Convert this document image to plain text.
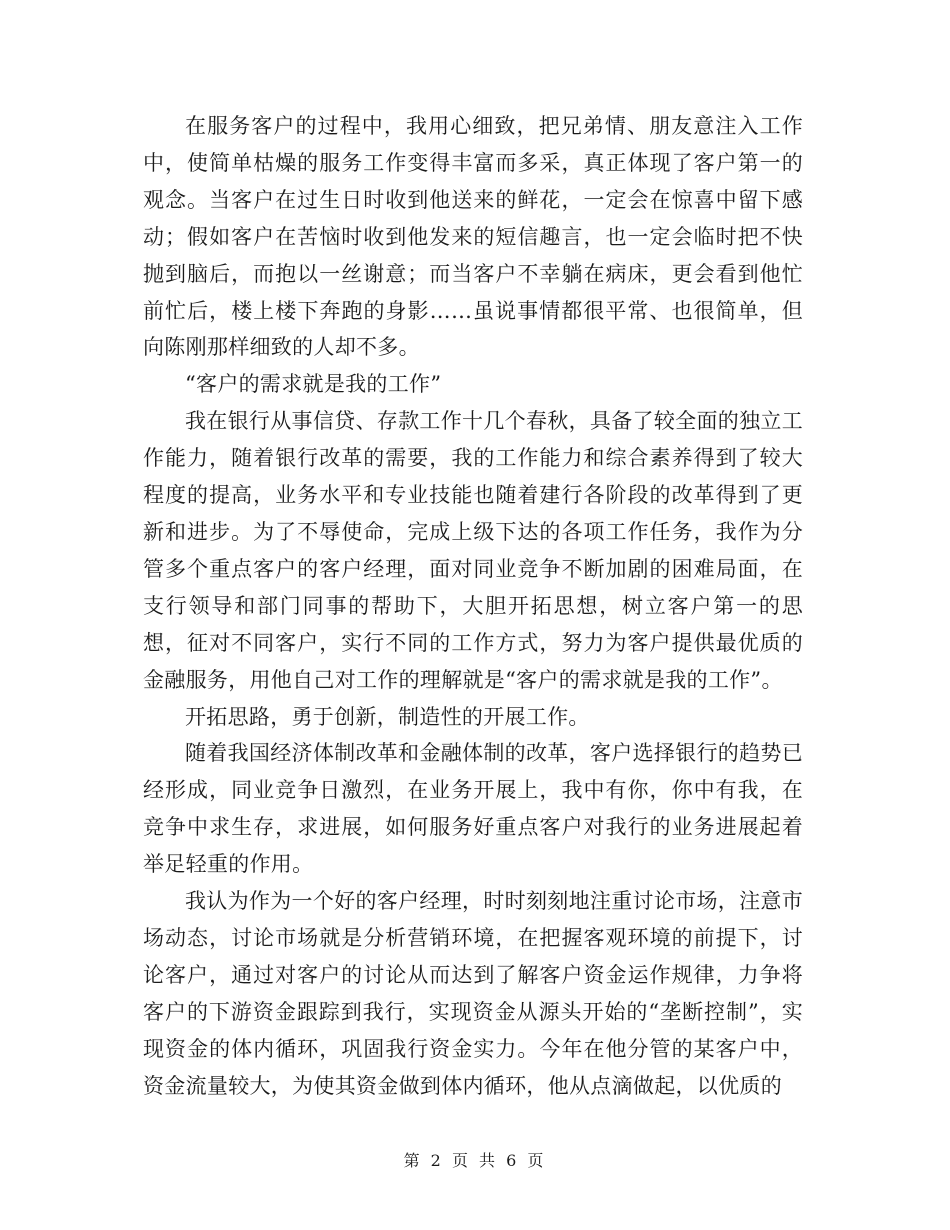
在服务客户的过程中，我用心细致，把兄弟情、朋友意注入工作中，使简单枯燥的服务工作变得丰富而多采，真正体现了客户第一的观念。当客户在过生日时收到他送来的鲜花，一定会在惊喜中留下感动；假如客户在苦恼时收到他发来的短信趣言，也一定会临时把不快抛到脑后，而抱以一丝谢意；而当客户不幸躺在病床，更会看到他忙前忙后，楼上楼下奔跑的身影……虽说事情都很平常、也很简单，但向陈刚那样细致的人却不多。

“客户的需求就是我的工作”

我在银行从事信贷、存款工作十几个春秋，具备了较全面的独立工作能力，随着银行改革的需要，我的工作能力和综合素养得到了较大程度的提高，业务水平和专业技能也随着建行各阶段的改革得到了更新和进步。为了不辱使命，完成上级下达的各项工作任务，我作为分管多个重点客户的客户经理，面对同业竞争不断加剧的困难局面，在支行领导和部门同事的帮助下，大胆开拓思想，树立客户第一的思想，征对不同客户，实行不同的工作方式，努力为客户提供最优质的金融服务，用他自己对工作的理解就是“客户的需求就是我的工作”。

开拓思路，勇于创新，制造性的开展工作。

随着我国经济体制改革和金融体制的改革，客户选择银行的趋势已经形成，同业竞争日激烈，在业务开展上，我中有你，你中有我，在竞争中求生存，求进展，如何服务好重点客户对我行的业务进展起着举足轻重的作用。

我认为作为一个好的客户经理，时时刻刻地注重讨论市场，注意市场动态，讨论市场就是分析营销环境，在把握客观环境的前提下，讨论客户，通过对客户的讨论从而达到了解客户资金运作规律，力争将客户的下游资金跟踪到我行，实现资金从源头开始的“垄断控制”，实现资金的体内循环，巩固我行资金实力。今年在他分管的某客户中，资金流量较大，为使其资金做到体内循环，他从点滴做起，以优质的

第 2 页 共 6 页
